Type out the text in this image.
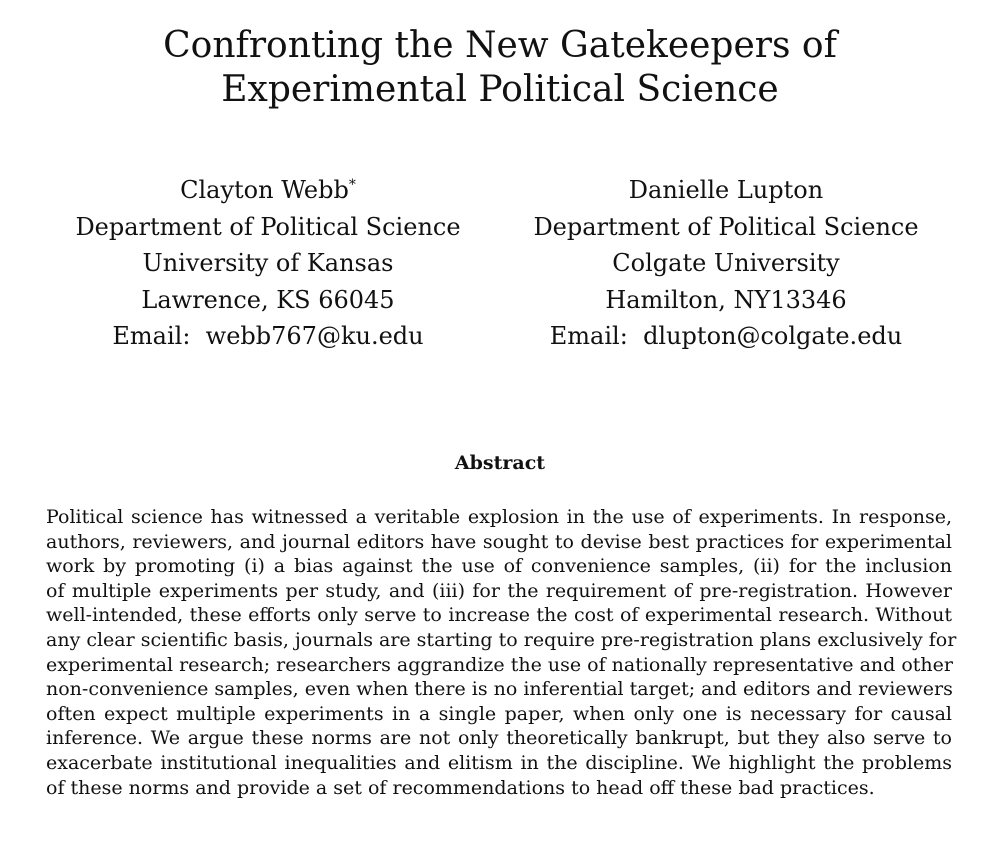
Confronting the New Gatekeepers of
Experimental Political Science
Clayton Webb*
Department of Political Science
University of Kansas
Lawrence, KS 66045
Email:  webb767@ku.edu
Danielle Lupton
Department of Political Science
Colgate University
Hamilton, NY13346
Email:  dlupton@colgate.edu
Abstract
Political science has witnessed a veritable explosion in the use of experiments. In response,
authors, reviewers, and journal editors have sought to devise best practices for experimental
work by promoting (i) a bias against the use of convenience samples, (ii) for the inclusion
of multiple experiments per study, and (iii) for the requirement of pre-registration. However
well-intended, these efforts only serve to increase the cost of experimental research. Without
any clear scientific basis, journals are starting to require pre-registration plans exclusively for
experimental research; researchers aggrandize the use of nationally representative and other
non-convenience samples, even when there is no inferential target; and editors and reviewers
often expect multiple experiments in a single paper, when only one is necessary for causal
inference. We argue these norms are not only theoretically bankrupt, but they also serve to
exacerbate institutional inequalities and elitism in the discipline. We highlight the problems
of these norms and provide a set of recommendations to head off these bad practices.
